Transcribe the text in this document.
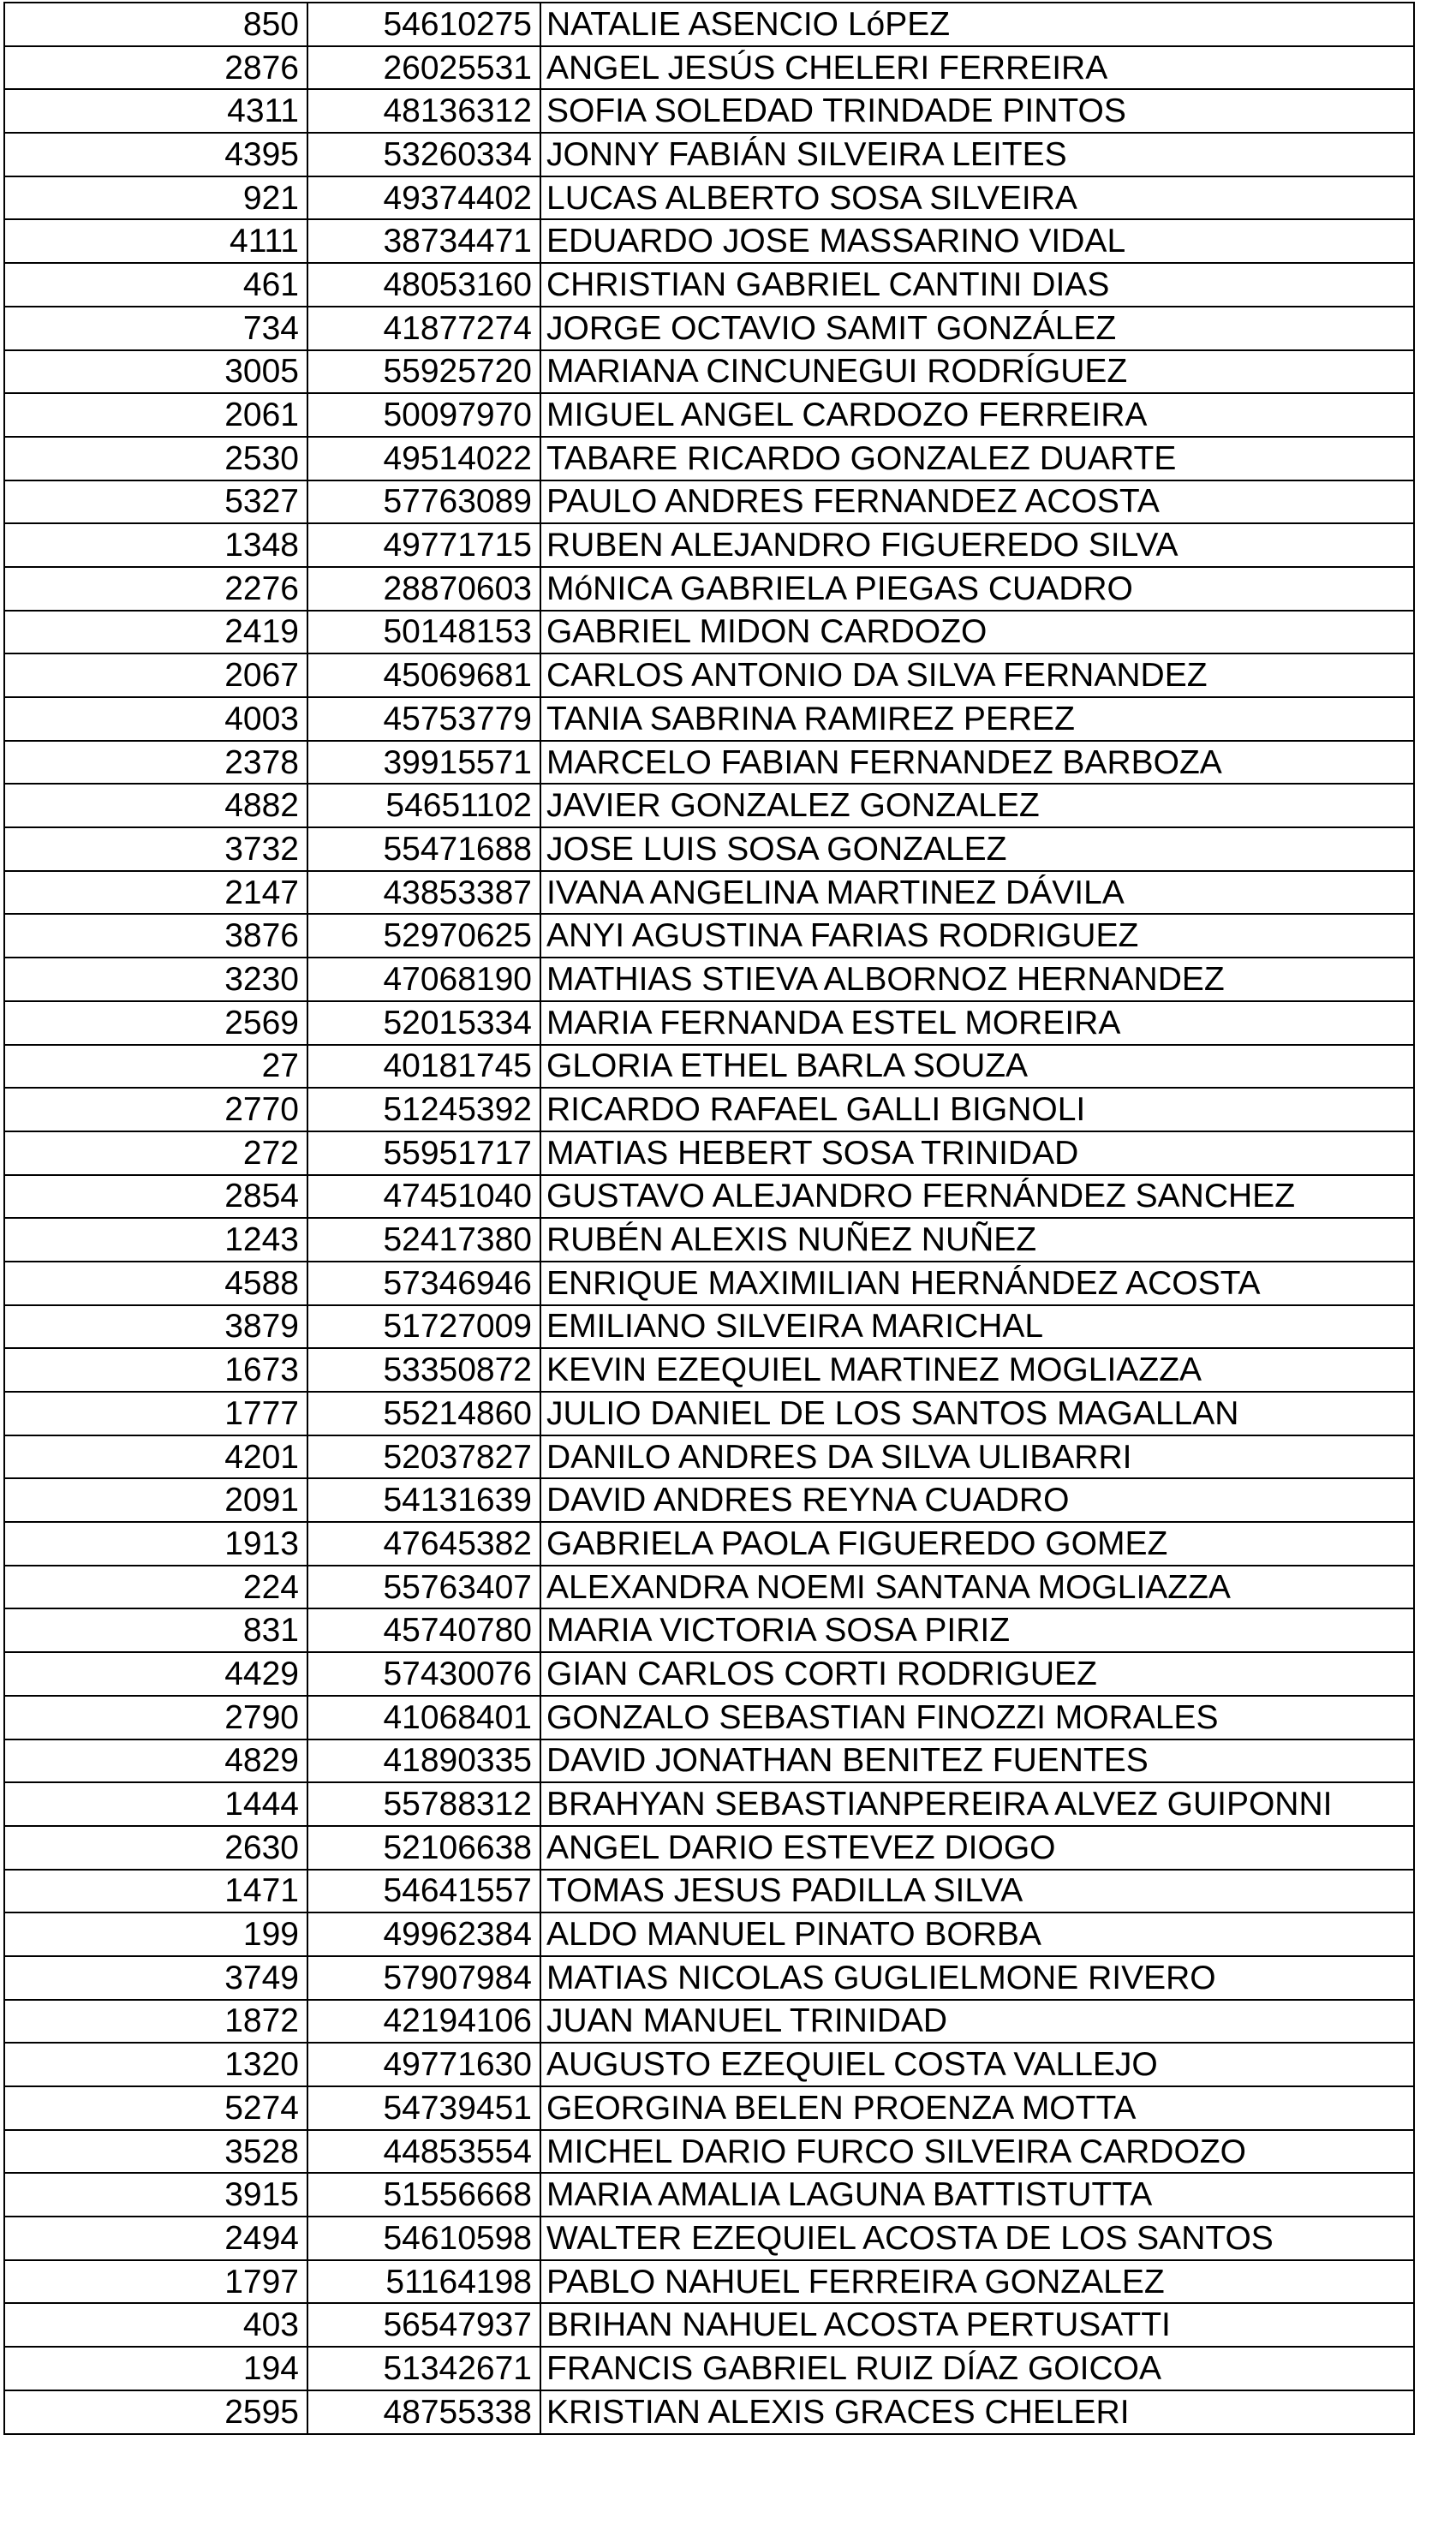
850	54610275	NATALIE ASENCIO LóPEZ
2876	26025531	ANGEL JESÚS CHELERI FERREIRA
4311	48136312	SOFIA SOLEDAD TRINDADE PINTOS
4395	53260334	JONNY FABIÁN SILVEIRA LEITES
921	49374402	LUCAS ALBERTO SOSA SILVEIRA
4111	38734471	EDUARDO JOSE MASSARINO VIDAL
461	48053160	CHRISTIAN GABRIEL CANTINI DIAS
734	41877274	JORGE OCTAVIO SAMIT GONZÁLEZ
3005	55925720	MARIANA CINCUNEGUI RODRÍGUEZ
2061	50097970	MIGUEL ANGEL CARDOZO FERREIRA
2530	49514022	TABARE RICARDO GONZALEZ DUARTE
5327	57763089	PAULO ANDRES FERNANDEZ ACOSTA
1348	49771715	RUBEN ALEJANDRO FIGUEREDO SILVA
2276	28870603	MóNICA GABRIELA PIEGAS CUADRO
2419	50148153	GABRIEL MIDON CARDOZO
2067	45069681	CARLOS ANTONIO DA SILVA FERNANDEZ
4003	45753779	TANIA SABRINA RAMIREZ PEREZ
2378	39915571	MARCELO FABIAN FERNANDEZ BARBOZA
4882	54651102	JAVIER GONZALEZ GONZALEZ
3732	55471688	JOSE LUIS SOSA GONZALEZ
2147	43853387	IVANA ANGELINA MARTINEZ DÁVILA
3876	52970625	ANYI AGUSTINA FARIAS RODRIGUEZ
3230	47068190	MATHIAS STIEVA ALBORNOZ HERNANDEZ
2569	52015334	MARIA FERNANDA ESTEL MOREIRA
27	40181745	GLORIA ETHEL BARLA SOUZA
2770	51245392	RICARDO RAFAEL GALLI BIGNOLI
272	55951717	MATIAS HEBERT SOSA TRINIDAD
2854	47451040	GUSTAVO ALEJANDRO FERNÁNDEZ SANCHEZ
1243	52417380	RUBÉN ALEXIS NUÑEZ NUÑEZ
4588	57346946	ENRIQUE MAXIMILIAN HERNÁNDEZ ACOSTA
3879	51727009	EMILIANO SILVEIRA MARICHAL
1673	53350872	KEVIN EZEQUIEL MARTINEZ MOGLIAZZA
1777	55214860	JULIO DANIEL DE LOS SANTOS MAGALLAN
4201	52037827	DANILO ANDRES DA SILVA ULIBARRI
2091	54131639	DAVID ANDRES REYNA CUADRO
1913	47645382	GABRIELA PAOLA FIGUEREDO GOMEZ
224	55763407	ALEXANDRA NOEMI SANTANA MOGLIAZZA
831	45740780	MARIA VICTORIA SOSA PIRIZ
4429	57430076	GIAN CARLOS CORTI RODRIGUEZ
2790	41068401	GONZALO SEBASTIAN FINOZZI MORALES
4829	41890335	DAVID JONATHAN BENITEZ FUENTES
1444	55788312	BRAHYAN SEBASTIANPEREIRA ALVEZ GUIPONNI
2630	52106638	ANGEL DARIO ESTEVEZ DIOGO
1471	54641557	TOMAS JESUS PADILLA SILVA
199	49962384	ALDO MANUEL PINATO BORBA
3749	57907984	MATIAS NICOLAS GUGLIELMONE RIVERO
1872	42194106	JUAN MANUEL TRINIDAD
1320	49771630	AUGUSTO EZEQUIEL COSTA VALLEJO
5274	54739451	GEORGINA BELEN PROENZA MOTTA
3528	44853554	MICHEL DARIO FURCO SILVEIRA CARDOZO
3915	51556668	MARIA AMALIA LAGUNA BATTISTUTTA
2494	54610598	WALTER EZEQUIEL ACOSTA DE LOS SANTOS
1797	51164198	PABLO NAHUEL FERREIRA GONZALEZ
403	56547937	BRIHAN NAHUEL ACOSTA PERTUSATTI
194	51342671	FRANCIS GABRIEL RUIZ DÍAZ GOICOA
2595	48755338	KRISTIAN ALEXIS GRACES CHELERI
